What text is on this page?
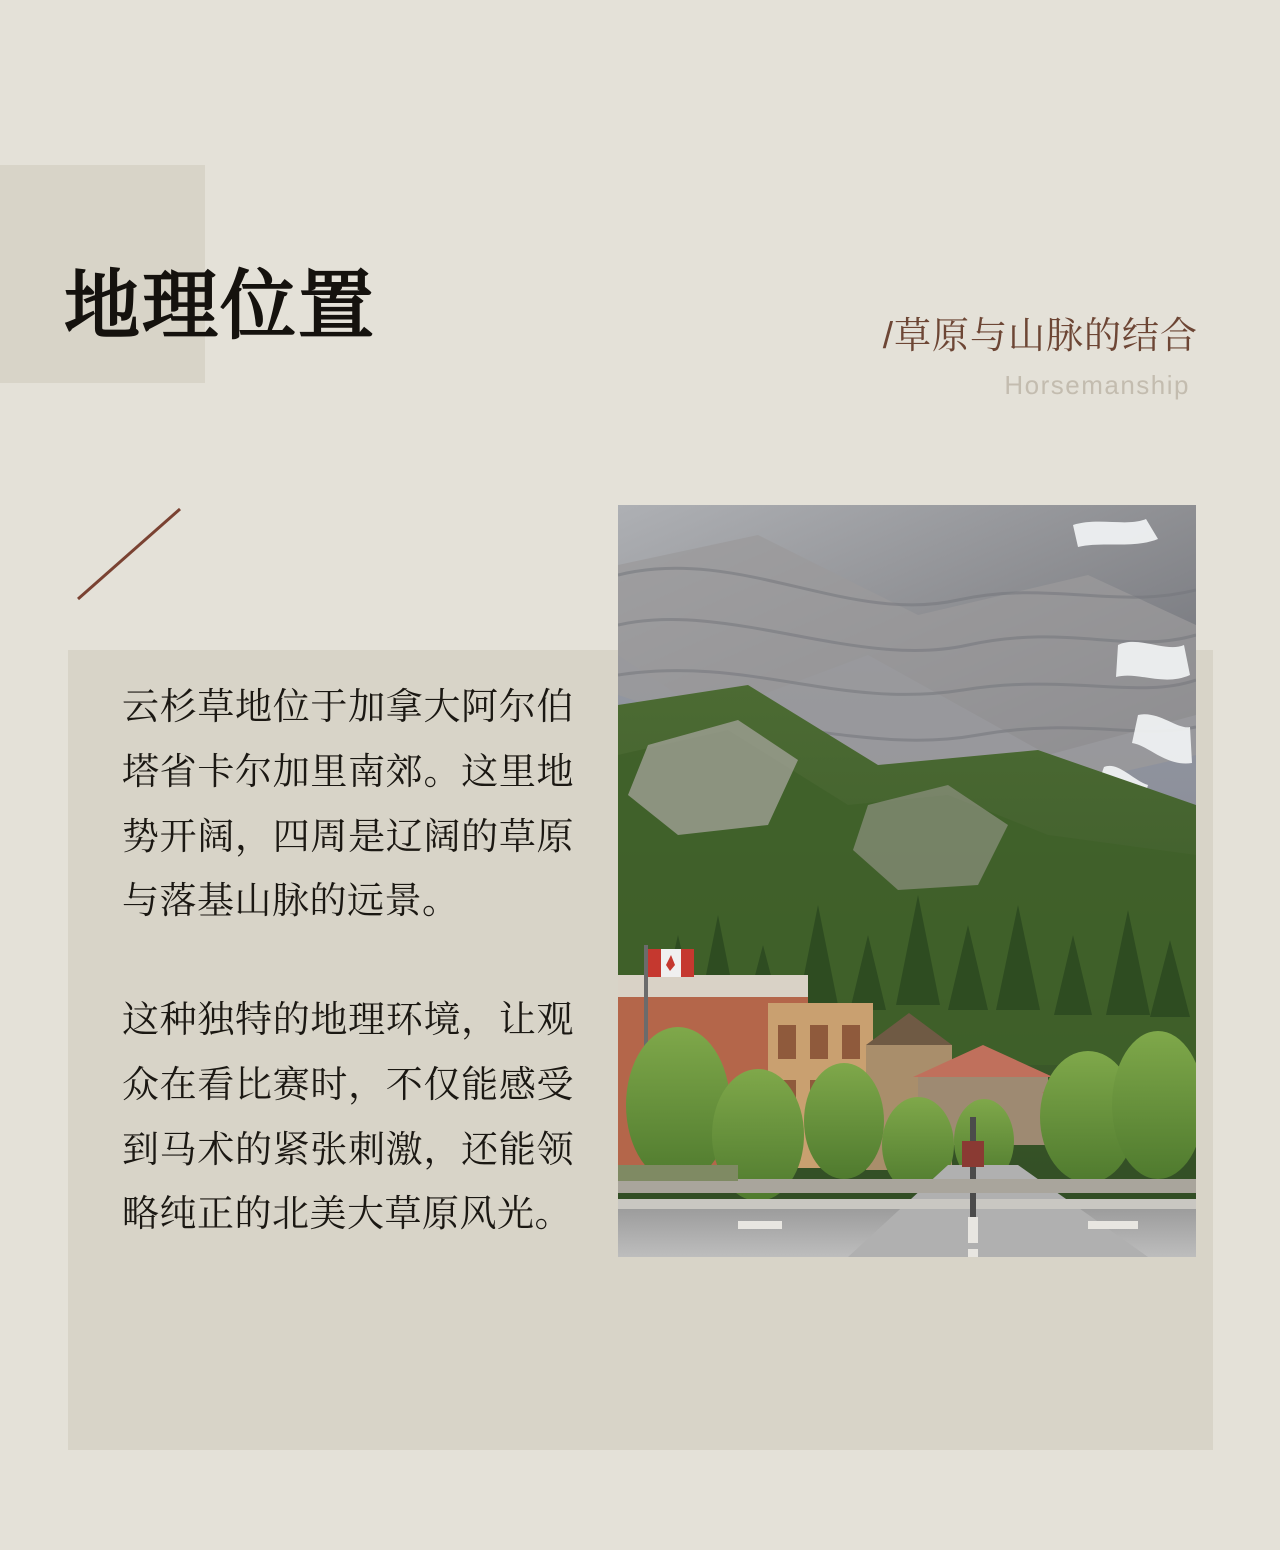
地理位置	/草原与山脉的结合
Horsemanship

云杉草地位于加拿大阿尔伯塔省卡尔加里南郊。这里地势开阔，四周是辽阔的草原与落基山脉的远景。

这种独特的地理环境，让观众在看比赛时，不仅能感受到马术的紧张刺激，还能领略纯正的北美大草原风光。
